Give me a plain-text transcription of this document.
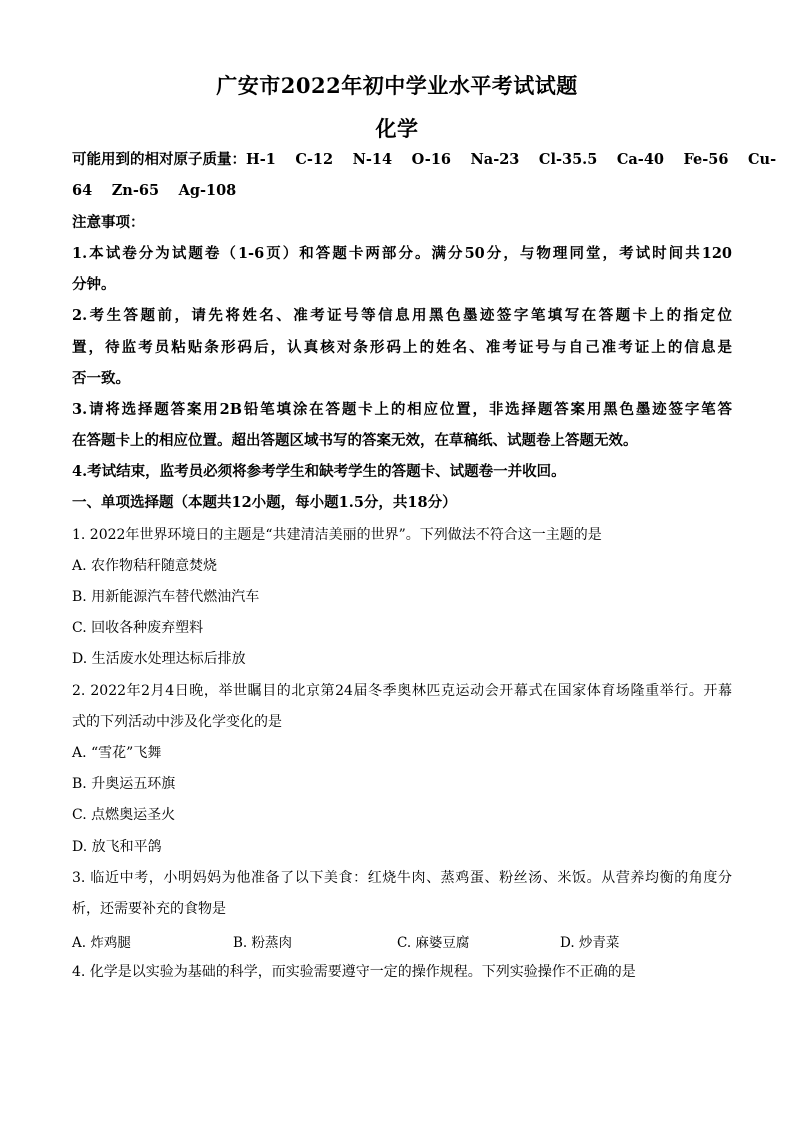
广安市2022年初中学业水平考试试题
化学
可能用到的相对原子质量：H-1　 C-12　 N-14　 O-16　 Na-23　 Cl-35.5　 Ca-40　 Fe-56　 Cu-
64　 Zn-65　 Ag-108
注意事项：
1.本试卷分为试题卷（1-6页）和答题卡两部分。满分50分，与物理同堂，考试时间共120
分钟。
2.考生答题前，请先将姓名、准考证号等信息用黑色墨迹签字笔填写在答题卡上的指定位
置，待监考员粘贴条形码后，认真核对条形码上的姓名、准考证号与自己准考证上的信息是
否一致。
3.请将选择题答案用2B铅笔填涂在答题卡上的相应位置，非选择题答案用黑色墨迹签字笔答
在答题卡上的相应位置。超出答题区域书写的答案无效，在草稿纸、试题卷上答题无效。
4.考试结束，监考员必须将参考学生和缺考学生的答题卡、试题卷一并收回。
一、单项选择题（本题共12小题，每小题1.5分，共18分）
1. 2022年世界环境日的主题是“共建清洁美丽的世界”。下列做法不符合这一主题的是
A. 农作物秸秆随意焚烧
B. 用新能源汽车替代燃油汽车
C. 回收各种废弃塑料
D. 生活废水处理达标后排放
2. 2022年2月4日晚，举世瞩目的北京第24届冬季奥林匹克运动会开幕式在国家体育场隆重举行。开幕
式的下列活动中涉及化学变化的是
A. “雪花”飞舞
B. 升奥运五环旗
C. 点燃奥运圣火
D. 放飞和平鸽
3. 临近中考，小明妈妈为他准备了以下美食：红烧牛肉、蒸鸡蛋、粉丝汤、米饭。从营养均衡的角度分
析，还需要补充的食物是
A. 炸鸡腿	B. 粉蒸肉	C. 麻婆豆腐	D. 炒青菜
4. 化学是以实验为基础的科学，而实验需要遵守一定的操作规程。下列实验操作不正确的是
